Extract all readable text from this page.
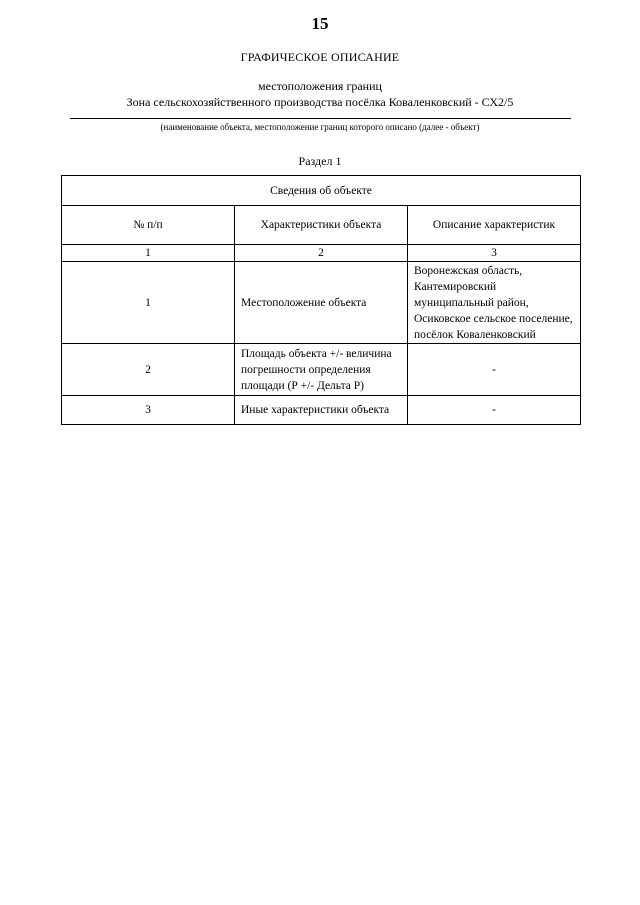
15
ГРАФИЧЕСКОЕ ОПИСАНИЕ
местоположения границ
Зона сельскохозяйственного производства посёлка Коваленковский - СХ2/5
(наименование объекта, местоположение границ которого описано (далее - объект)
Раздел 1
Сведения об объекте		
№ п/п	Характеристики объекта	Описание характеристик
1	2	3
1	Местоположение объекта	Воронежская область, Кантемировский муниципальный район, Осиковское сельское поселение, посёлок Коваленковский
2	Площадь объекта +/- величина погрешности определения площади (Р +/- Дельта Р)	-
3	Иные характеристики объекта	-
